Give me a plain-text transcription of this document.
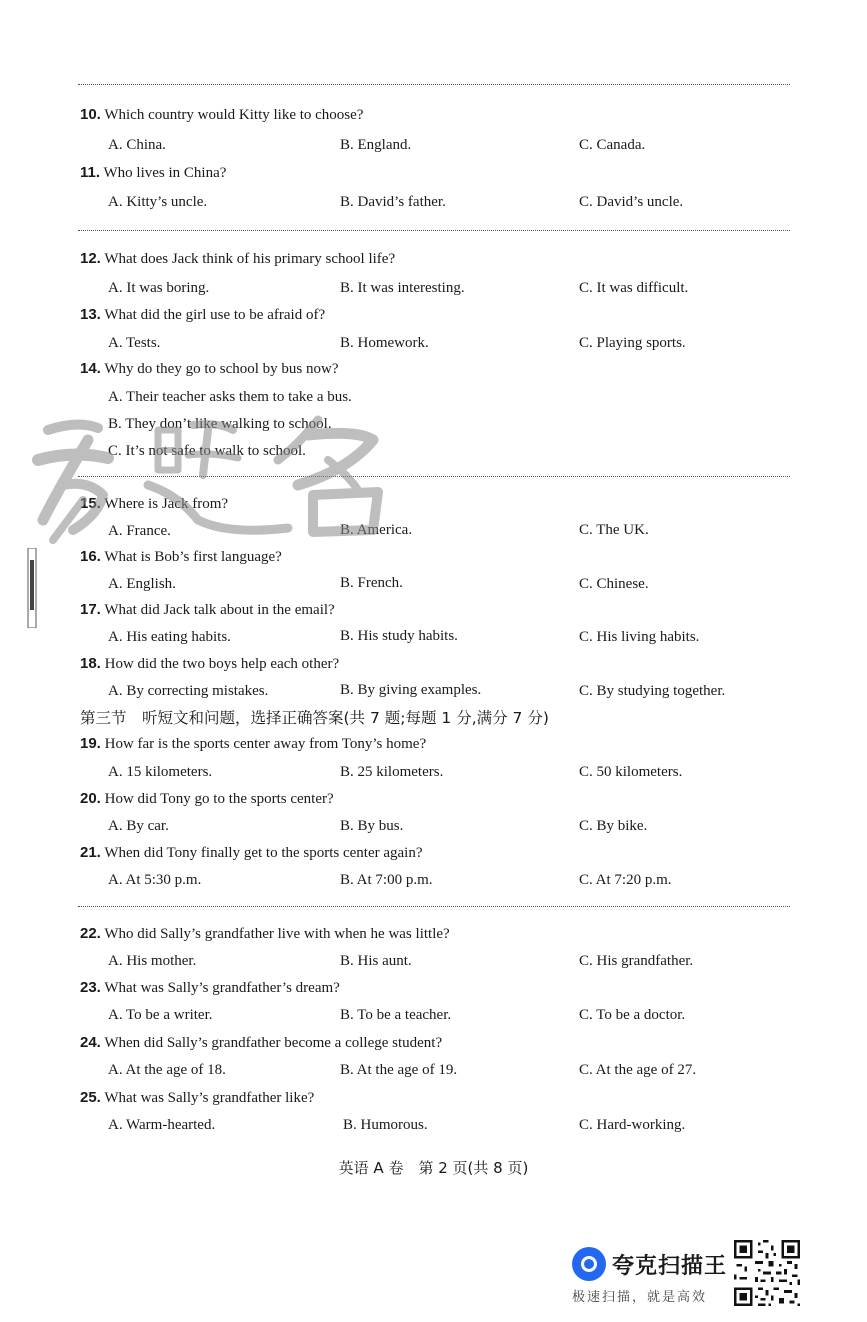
10. Which country would Kitty like to choose?
A. China.	B. England.	C. Canada.
11. Who lives in China?
A. Kitty’s uncle.	B. David’s father.	C. David’s uncle.
12. What does Jack think of his primary school life?
A. It was boring.	B. It was interesting.	C. It was difficult.
13. What did the girl use to be afraid of?
A. Tests.	B. Homework.	C. Playing sports.
14. Why do they go to school by bus now?
A. Their teacher asks them to take a bus.
B. They don’t like walking to school.
C. It’s not safe to walk to school.
15. Where is Jack from?
A. France.	B. America.	C. The UK.
16. What is Bob’s first language?
A. English.	B. French.	C. Chinese.
17. What did Jack talk about in the email?
A. His eating habits.	B. His study habits.	C. His living habits.
18. How did the two boys help each other?
A. By correcting mistakes.	B. By giving examples.	C. By studying together.
第三节　听短文和问题，选择正确答案(共 7 题;每题 1 分,满分 7 分)
19. How far is the sports center away from Tony’s home?
A. 15 kilometers.	B. 25 kilometers.	C. 50 kilometers.
20. How did Tony go to the sports center?
A. By car.	B. By bus.	C. By bike.
21. When did Tony finally get to the sports center again?
A. At 5:30 p.m.	B. At 7:00 p.m.	C. At 7:20 p.m.
22. Who did Sally’s grandfather live with when he was little?
A. His mother.	B. His aunt.	C. His grandfather.
23. What was Sally’s grandfather’s dream?
A. To be a writer.	B. To be a teacher.	C. To be a doctor.
24. When did Sally’s grandfather become a college student?
A. At the age of 18.	B. At the age of 19.	C. At the age of 27.
25. What was Sally’s grandfather like?
A. Warm-hearted.	B. Humorous.	C. Hard-working.
英语 A 卷　第 2 页(共 8 页)
夸克扫描王
极速扫描，就是高效
